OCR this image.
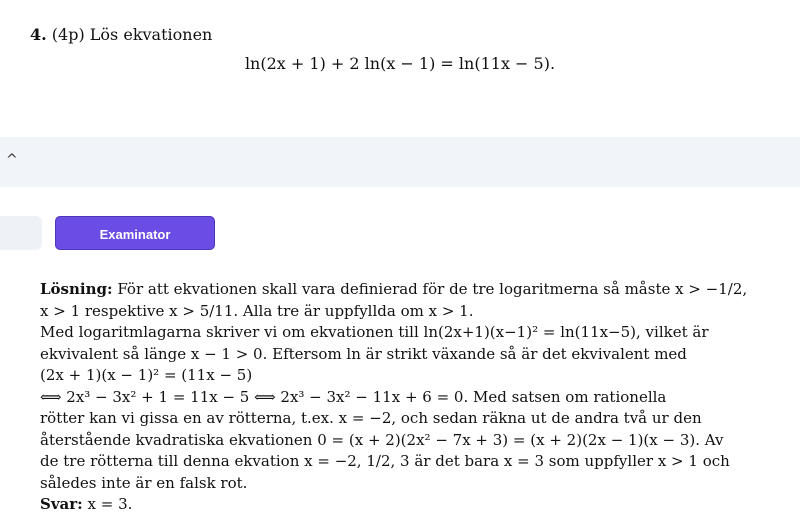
4. (4p) Lös ekvationen
ln(2x + 1) + 2 ln(x − 1) = ln(11x − 5).
^
Examinator

Lösning: För att ekvationen skall vara definierad för de tre logaritmerna så måste x > −1/2,

x > 1 respektive x > 5/11. Alla tre är uppfyllda om x > 1.

Med logaritmlagarna skriver vi om ekvationen till ln(2x+1)(x−1)² = ln(11x−5), vilket är

ekvivalent så länge x − 1 > 0. Eftersom ln är strikt växande så är det ekvivalent med

(2x + 1)(x − 1)² = (11x − 5)

⟺ 2x³ − 3x² + 1 = 11x − 5 ⟺ 2x³ − 3x² − 11x + 6 = 0. Med satsen om rationella

rötter kan vi gissa en av rötterna, t.ex. x = −2, och sedan räkna ut de andra två ur den

återstående kvadratiska ekvationen 0 = (x + 2)(2x² − 7x + 3) = (x + 2)(2x − 1)(x − 3). Av

de tre rötterna till denna ekvation x = −2, 1/2, 3 är det bara x = 3 som uppfyller x > 1 och

således inte är en falsk rot.

Svar: x = 3.
